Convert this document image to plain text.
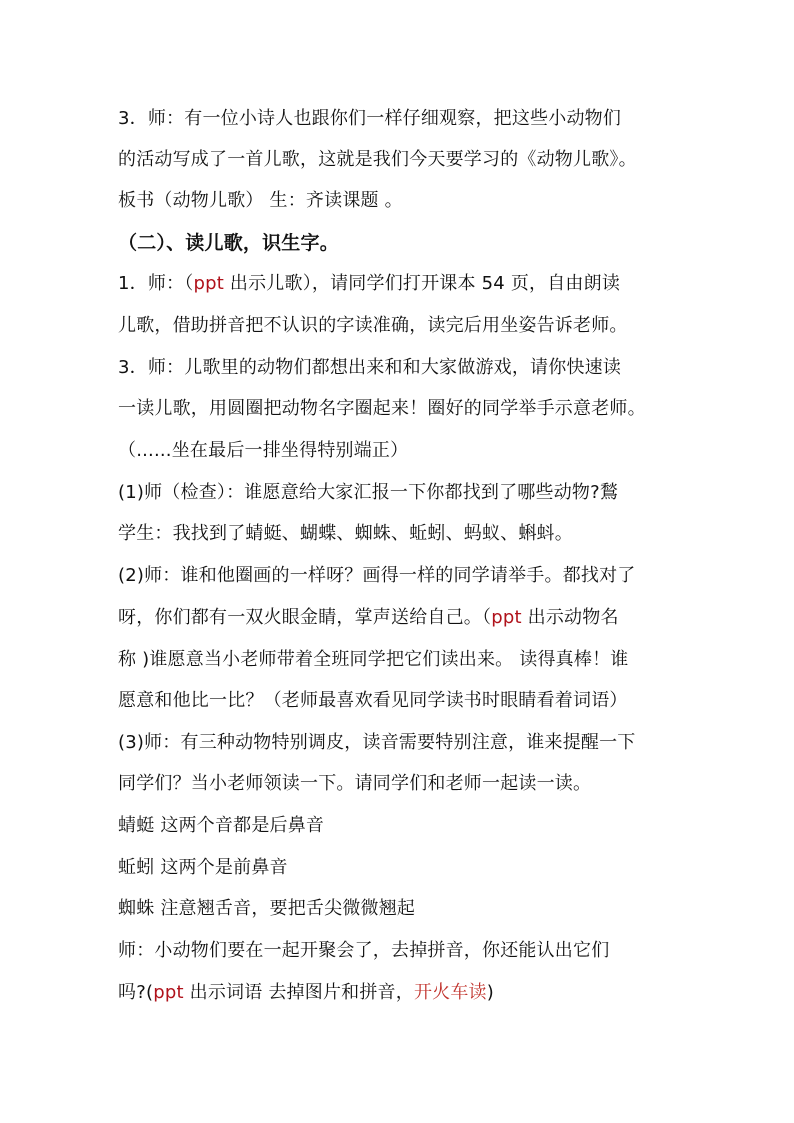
3．师：有一位小诗人也跟你们一样仔细观察，把这些小动物们
的活动写成了一首儿歌，这就是我们今天要学习的《动物儿歌》。
板书（动物儿歌） 生：齐读课题 。
（二）、读儿歌，识生字。
1．师：（ppt 出示儿歌），请同学们打开课本 54 页，自由朗读
儿歌，借助拼音把不认识的字读准确，读完后用坐姿告诉老师。
3．师：儿歌里的动物们都想出来和和大家做游戏，请你快速读
一读儿歌，用圆圈把动物名字圈起来！圈好的同学举手示意老师。
（......坐在最后一排坐得特别端正）
(1)师（检查）：谁愿意给大家汇报一下你都找到了哪些动物?鶖
学生：我找到了蜻蜓、蝴蝶、蜘蛛、蚯蚓、蚂蚁、蝌蚪。
(2)师：谁和他圈画的一样呀？画得一样的同学请举手。都找对了
呀，你们都有一双火眼金睛，掌声送给自己。（ppt 出示动物名
称 )谁愿意当小老师带着全班同学把它们读出来。 读得真棒！谁
愿意和他比一比？（老师最喜欢看见同学读书时眼睛看着词语）
(3)师：有三种动物特别调皮，读音需要特别注意，谁来提醒一下
同学们？当小老师领读一下。请同学们和老师一起读一读。
蜻蜓 这两个音都是后鼻音
蚯蚓 这两个是前鼻音
蜘蛛 注意翘舌音，要把舌尖微微翘起
师：小动物们要在一起开聚会了，去掉拼音，你还能认出它们
吗?(ppt 出示词语 去掉图片和拼音，开火车读)
